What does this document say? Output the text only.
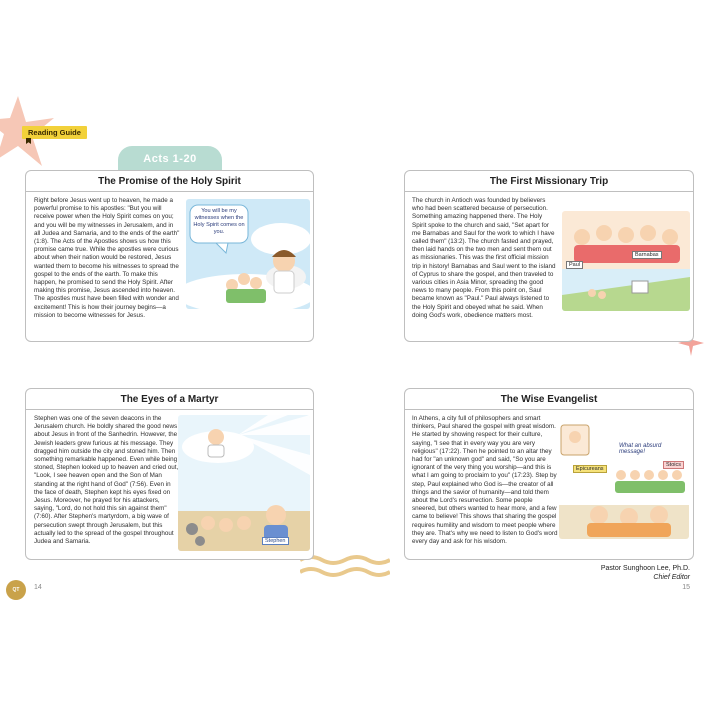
Reading Guide
Acts 1-20
The Promise of the Holy Spirit
Right before Jesus went up to heaven, he made a powerful promise to his apostles: "But you will receive power when the Holy Spirit comes on you; and you will be my witnesses in Jerusalem, and in all Judea and Samaria, and to the ends of the earth" (1:8). The Acts of the Apostles shows us how this promise came true. While the apostles were curious about when their nation would be restored, Jesus wanted them to become his witnesses to spread the gospel to the ends of the earth. To make this happen, he promised to send the Holy Spirit. After making this promise, Jesus ascended into heaven. The apostles must have been filled with wonder and excitement! This is how their journey begins—a mission to become witnesses for Jesus.
You will be my witnesses when the Holy Spirit comes on you.
The First Missionary Trip
The church in Antioch was founded by believers who had been scattered because of persecution. Something amazing happened there. The Holy Spirit spoke to the church and said, "Set apart for me Barnabas and Saul for the work to which I have called them" (13:2). The church fasted and prayed, then laid hands on the two men and sent them out as missionaries. This was the first official mission trip in history! Barnabas and Saul went to the island of Cyprus to share the gospel, and then traveled to various cities in Asia Minor, spreading the good news to many people. From this point on, Saul became known as "Paul." Paul always listened to the Holy Spirit and obeyed what he said. When doing God's work, obedience matters most.
Paul
Barnabas
The Eyes of a Martyr
Stephen was one of the seven deacons in the Jerusalem church. He boldly shared the good news about Jesus in front of the Sanhedrin. However, the Jewish leaders grew furious at his message. They dragged him outside the city and stoned him. Then something remarkable happened. Even while being stoned, Stephen looked up to heaven and cried out, "Look, I see heaven open and the Son of Man standing at the right hand of God" (7:56). Even in the face of death, Stephen kept his eyes fixed on Jesus. Moreover, he prayed for his attackers, saying, "Lord, do not hold this sin against them" (7:60). After Stephen's martyrdom, a big wave of persecution swept through Jerusalem, but this actually led to the spread of the gospel throughout Judea and Samaria.	Stephen
The Wise Evangelist
In Athens, a city full of philosophers and smart thinkers, Paul shared the gospel with great wisdom. He started by showing respect for their culture, saying, "I see that in every way you are very religious" (17:22). Then he pointed to an altar they had for "an unknown god" and said, "So you are ignorant of the very thing you worship—and this is what I am going to proclaim to you" (17:23). Step by step, Paul explained who God is—the creator of all things and the savior of humanity—and told them about the Lord's resurrection. Some people sneered, but others wanted to hear more, and a few came to believe! This shows that sharing the gospel requires humility and wisdom to meet people where they are. That's why we need to listen to God's word every day and ask for his wisdom.
What an absurd message!
Epicureans
Stoics
QT	14	15
Pastor Sunghoon Lee, Ph.D.
Chief Editor
